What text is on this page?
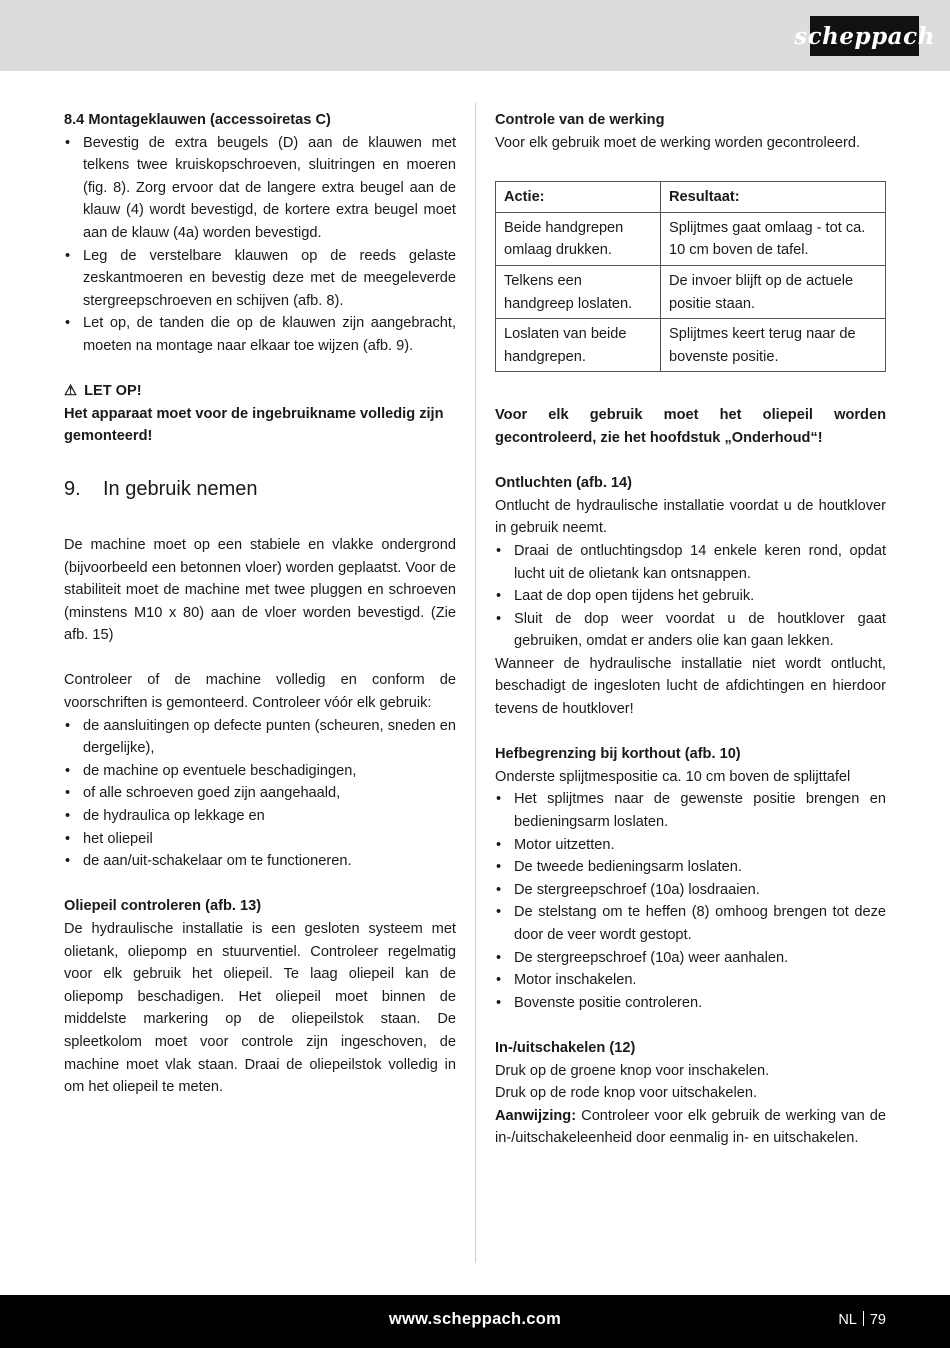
scheppach

8.4 Montageklauwen (accessoiretas C)

• Bevestig de extra beugels (D) aan de klauwen met telkens twee kruiskopschroeven, sluitringen en moeren (fig. 8). Zorg ervoor dat de langere extra beugel aan de klauw (4) wordt bevestigd, de kortere extra beugel moet aan de klauw (4a) worden bevestigd.
• Leg de verstelbare klauwen op de reeds gelaste zeskantmoeren en bevestig deze met de meegeleverde stergreepschroeven en schijven (afb. 8).
• Let op, de tanden die op de klauwen zijn aangebracht, moeten na montage naar elkaar toe wijzen (afb. 9).

⚠ LET OP!

Het apparaat moet voor de ingebruikname volledig zijn gemonteerd!

9. In gebruik nemen

De machine moet op een stabiele en vlakke ondergrond (bijvoorbeeld een betonnen vloer) worden geplaatst. Voor de stabiliteit moet de machine met twee pluggen en schroeven (minstens M10 x 80) aan de vloer worden bevestigd. (Zie afb. 15)

Controleer of de machine volledig en conform de voorschriften is gemonteerd. Controleer vóór elk gebruik:

• de aansluitingen op defecte punten (scheuren, sneden en dergelijke),
• de machine op eventuele beschadigingen,
• of alle schroeven goed zijn aangehaald,
• de hydraulica op lekkage en
• het oliepeil
• de aan/uit-schakelaar om te functioneren.

Oliepeil controleren (afb. 13)

De hydraulische installatie is een gesloten systeem met olietank, oliepomp en stuurventiel. Controleer regelmatig voor elk gebruik het oliepeil. Te laag oliepeil kan de oliepomp beschadigen. Het oliepeil moet binnen de middelste markering op de oliepeilstok staan. De spleetkolom moet voor controle zijn ingeschoven, de machine moet vlak staan. Draai de oliepeilstok volledig in om het oliepeil te meten.

Controle van de werking

Voor elk gebruik moet de werking worden gecontroleerd.

Actie:	Resultaat:
Beide handgrepen omlaag drukken.	Splijtmes gaat omlaag - tot ca. 10 cm boven de tafel.
Telkens een handgreep loslaten.	De invoer blijft op de actuele positie staan.
Loslaten van beide handgrepen.	Splijtmes keert terug naar de bovenste positie.

Voor elk gebruik moet het oliepeil worden gecontroleerd, zie het hoofdstuk „Onderhoud“!

Ontluchten (afb. 14)

Ontlucht de hydraulische installatie voordat u de houtklover in gebruik neemt.

• Draai de ontluchtingsdop 14 enkele keren rond, opdat lucht uit de olietank kan ontsnappen.
• Laat de dop open tijdens het gebruik.
• Sluit de dop weer voordat u de houtklover gaat gebruiken, omdat er anders olie kan gaan lekken.

Wanneer de hydraulische installatie niet wordt ontlucht, beschadigt de ingesloten lucht de afdichtingen en hierdoor tevens de houtklover!

Hefbegrenzing bij korthout (afb. 10)

Onderste splijtmespositie ca. 10 cm boven de splijttafel

• Het splijtmes naar de gewenste positie brengen en bedieningsarm loslaten.
• Motor uitzetten.
• De tweede bedieningsarm loslaten.
• De stergreepschroef (10a) losdraaien.
• De stelstang om te heffen (8) omhoog brengen tot deze door de veer wordt gestopt.
• De stergreepschroef (10a) weer aanhalen.
• Motor inschakelen.
• Bovenste positie controleren.

In-/uitschakelen (12)

Druk op de groene knop voor inschakelen.

Druk op de rode knop voor uitschakelen.

Aanwijzing: Controleer voor elk gebruik de werking van de in-/uitschakeleenheid door eenmalig in- en uitschakelen.

www.scheppach.com	NL 79
